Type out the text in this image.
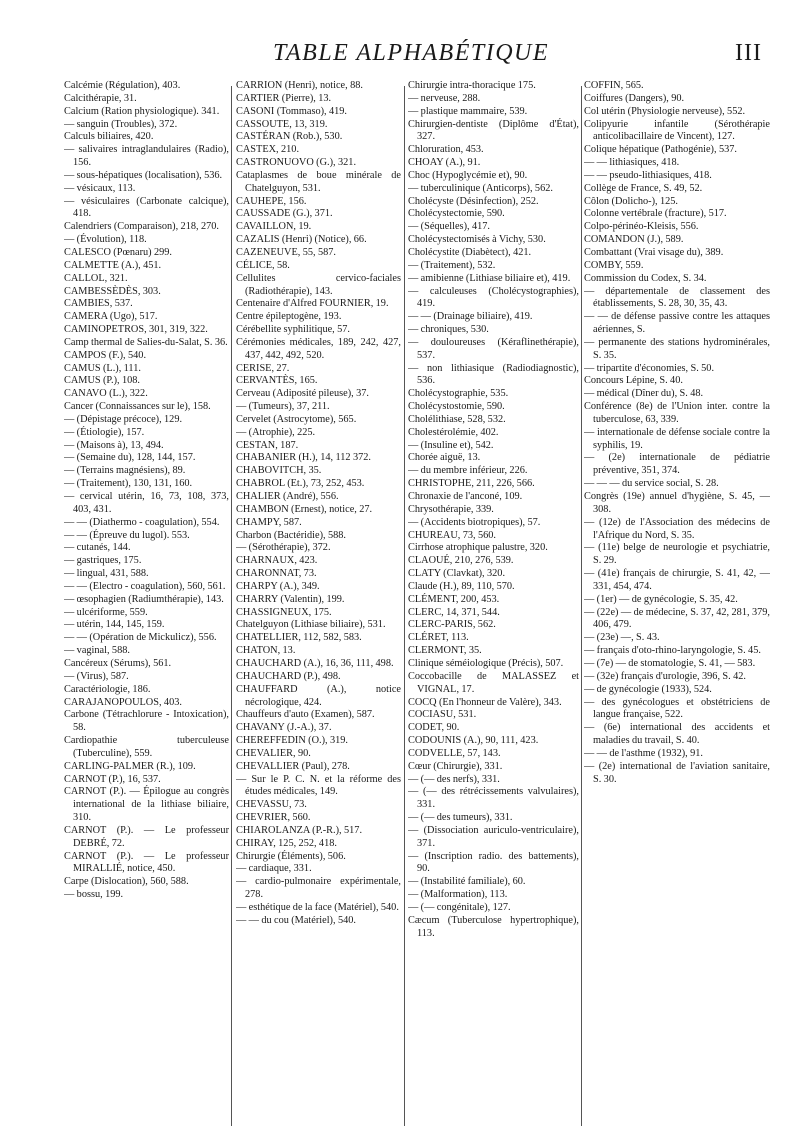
TABLE ALPHABÉTIQUE	III
Calcémie (Régulation), 403.
Calcithérapie, 31.
Calcium (Ration physiologique). 341.
— sanguin (Troubles), 372.
Calculs biliaires, 420.
— salivaires intraglandulaires (Radio), 156.
— sous-hépatiques (localisation), 536.
— vésicaux, 113.
— vésiculaires (Carbonate calcique), 418.
Calendriers (Comparaison), 218, 270.
— (Évolution), 118.
CALESCO (Pœnaru) 299.
CALMETTE (A.), 451.
CALLOL, 321.
CAMBESSÈDÈS, 303.
CAMBIES, 537.
CAMERA (Ugo), 517.
CAMINOPETROS, 301, 319, 322.
Camp thermal de Salies-du-Salat, S. 36.
CAMPOS (F.), 540.
CAMUS (L.), 111.
CAMUS (P.), 108.
CANAVO (L.), 322.
Cancer (Connaissances sur le), 158.
— (Dépistage précoce), 129.
— (Étiologie), 157.
— (Maisons à), 13, 494.
— (Semaine du), 128, 144, 157.
— (Terrains magnésiens), 89.
— (Traitement), 130, 131, 160.
— cervical utérin, 16, 73, 108, 373, 403, 431.
— — (Diathermo - coagulation), 554.
— — (Épreuve du lugol). 553.
— cutanés, 144.
— gastriques, 175.
— lingual, 431, 588.
— — (Electro - coagulation), 560, 561.
— œsophagien (Radiumthérapie), 143.
— ulcériforme, 559.
— utérin, 144, 145, 159.
— — (Opération de Mickulicz), 556.
— vaginal, 588.
Cancéreux (Sérums), 561.
— (Virus), 587.
Caractériologie, 186.
CARAJANOPOULOS, 403.
Carbone (Tétrachlorure - Intoxication), 58.
Cardiopathie tuberculeuse (Tuberculine), 559.
CARLING-PALMER (R.), 109.
CARNOT (P.), 16, 537.
CARNOT (P.). — Épilogue au congrès international de la lithiase biliaire, 310.
CARNOT (P.). — Le professeur DEBRÉ, 72.
CARNOT (P.). — Le professeur MIRALLIÉ, notice, 450.
Carpe (Dislocation), 560, 588.
— bossu, 199.
CARRION (Henri), notice, 88.
CARTIER (Pierre), 13.
CASONI (Tommaso), 419.
CASSOUTE, 13, 319.
CASTÉRAN (Rob.), 530.
CASTEX, 210.
CASTRONUOVO (G.), 321.
Cataplasmes de boue minérale de Chatelguyon, 531.
CAUHEPE, 156.
CAUSSADE (G.), 371.
CAVAILLON, 19.
CAZALIS (Henri) (Notice), 66.
CAZENEUVE, 55, 587.
CÉLICE, 58.
Cellulites cervico-faciales (Radiothérapie), 143.
Centenaire d'Alfred FOURNIER, 19.
Centre épileptogène, 193.
Cérébellite syphilitique, 57.
Cérémonies médicales, 189, 242, 427, 437, 442, 492, 520.
CERISE, 27.
CERVANTÈS, 165.
Cerveau (Adiposité pileuse), 37.
— (Tumeurs), 37, 211.
Cervelet (Astrocytome), 565.
— (Atrophie), 225.
CESTAN, 187.
CHABANIER (H.), 14, 112 372.
CHABOVITCH, 35.
CHABROL (Et.), 73, 252, 453.
CHALIER (André), 556.
CHAMBON (Ernest), notice, 27.
CHAMPY, 587.
Charbon (Bactéridie), 588.
— (Sérothérapie), 372.
CHARNAUX, 423.
CHARONNAT, 73.
CHARPY (A.), 349.
CHARRY (Valentin), 199.
CHASSIGNEUX, 175.
Chatelguyon (Lithiase biliaire), 531.
CHATELLIER, 112, 582, 583.
CHATON, 13.
CHAUCHARD (A.), 16, 36, 111, 498.
CHAUCHARD (P.), 498.
CHAUFFARD (A.), notice nécrologique, 424.
Chauffeurs d'auto (Examen), 587.
CHAVANY (J.-A.), 37.
CHEREFFEDIN (O.), 319.
CHEVALIER, 90.
CHEVALLIER (Paul), 278.
— Sur le P. C. N. et la réforme des études médicales, 149.
CHEVASSU, 73.
CHEVRIER, 560.
CHIAROLANZA (P.-R.), 517.
CHIRAY, 125, 252, 418.
Chirurgie (Éléments), 506.
— cardiaque, 331.
— cardio-pulmonaire expérimentale, 278.
— esthétique de la face (Matériel), 540.
— — du cou (Matériel), 540.
Chirurgie intra-thoracique 175.
— nerveuse, 288.
— plastique mammaire, 539.
Chirurgien-dentiste (Diplôme d'État), 327.
Chloruration, 453.
CHOAY (A.), 91.
Choc (Hypoglycémie et), 90.
— tuberculinique (Anticorps), 562.
Cholécyste (Désinfection), 252.
Cholécystectomie, 590.
— (Séquelles), 417.
Cholécystectomisés à Vichy, 530.
Cholécystite (Diabètect), 421.
— (Traitement), 532.
— amibienne (Lithiase biliaire et), 419.
— calculeuses (Cholécystographies), 419.
— — (Drainage biliaire), 419.
— chroniques, 530.
— douloureuses (Kéraflinethérapie), 537.
— non lithiasique (Radiodiagnostic), 536.
Cholécystographie, 535.
Cholécystostomie, 590.
Cholélithiase, 528, 532.
Cholestérolémie, 402.
— (Insuline et), 542.
Chorée aiguë, 13.
— du membre inférieur, 226.
CHRISTOPHE, 211, 226, 566.
Chronaxie de l'anconé, 109.
Chrysothérapie, 339.
— (Accidents biotropiques), 57.
CHUREAU, 73, 560.
Cirrhose atrophique palustre, 320.
CLAOUÉ, 210, 276, 539.
CLATY (Clavkat), 320.
Claude (H.), 89, 110, 570.
CLÉMENT, 200, 453.
CLERC, 14, 371, 544.
CLERC-PARIS, 562.
CLÉRET, 113.
CLERMONT, 35.
Clinique séméiologique (Précis), 507.
Coccobacille de MALASSEZ et VIGNAL, 17.
COCQ (En l'honneur de Valère), 343.
COCIASU, 531.
CODET, 90.
CODOUNIS (A.), 90, 111, 423.
CODVELLE, 57, 143.
Cœur (Chirurgie), 331.
— (— des nerfs), 331.
— (— des rétrécissements valvulaires), 331.
— (— des tumeurs), 331.
— (Dissociation auriculo-ventriculaire), 371.
— (Inscription radio. des battements), 90.
— (Instabilité familiale), 60.
— (Malformation), 113.
— (— congénitale), 127.
Cæcum (Tuberculose hypertrophique), 113.
COFFIN, 565.
Coiffures (Dangers), 90.
Col utérin (Physiologie nerveuse), 552.
Colipyurie infantile (Sérothérapie anticolibacillaire de Vincent), 127.
Colique hépatique (Pathogénie), 537.
— — lithiasiques, 418.
— — pseudo-lithiasiques, 418.
Collège de France, S. 49, 52.
Côlon (Dolicho-), 125.
Colonne vertébrale (fracture), 517.
Colpo-périnéo-Kleisis, 556.
COMANDON (J.), 589.
Combattant (Vrai visage du), 389.
COMBY, 559.
Commission du Codex, S. 34.
— départementale de classement des établissements, S. 28, 30, 35, 43.
— — de défense passive contre les attaques aériennes, S.
— permanente des stations hydrominérales, S. 35.
— tripartite d'économies, S. 50.
Concours Lépine, S. 40.
— médical (Dîner du), S. 48.
Conférence (8e) de l'Union inter. contre la tuberculose, 63, 339.
— internationale de défense sociale contre la syphilis, 19.
— (2e) internationale de pédiatrie préventive, 351, 374.
— — — du service social, S. 28.
Congrès (19e) annuel d'hygiène, S. 45, — 308.
— (12e) de l'Association des médecins de l'Afrique du Nord, S. 35.
— (11e) belge de neurologie et psychiatrie, S. 29.
— (41e) français de chirurgie, S. 41, 42, — 331, 454, 474.
— (1er) — de gynécologie, S. 35, 42.
— (22e) — de médecine, S. 37, 42, 281, 379, 406, 479.
— (23e) —, S. 43.
— français d'oto-rhino-laryngologie, S. 45.
— (7e) — de stomatologie, S. 41, — 583.
— (32e) français d'urologie, 396, S. 42.
— de gynécologie (1933), 524.
— des gynécologues et obstétriciens de langue française, 522.
— (6e) international des accidents et maladies du travail, S. 40.
— — de l'asthme (1932), 91.
— (2e) international de l'aviation sanitaire, S. 30.
